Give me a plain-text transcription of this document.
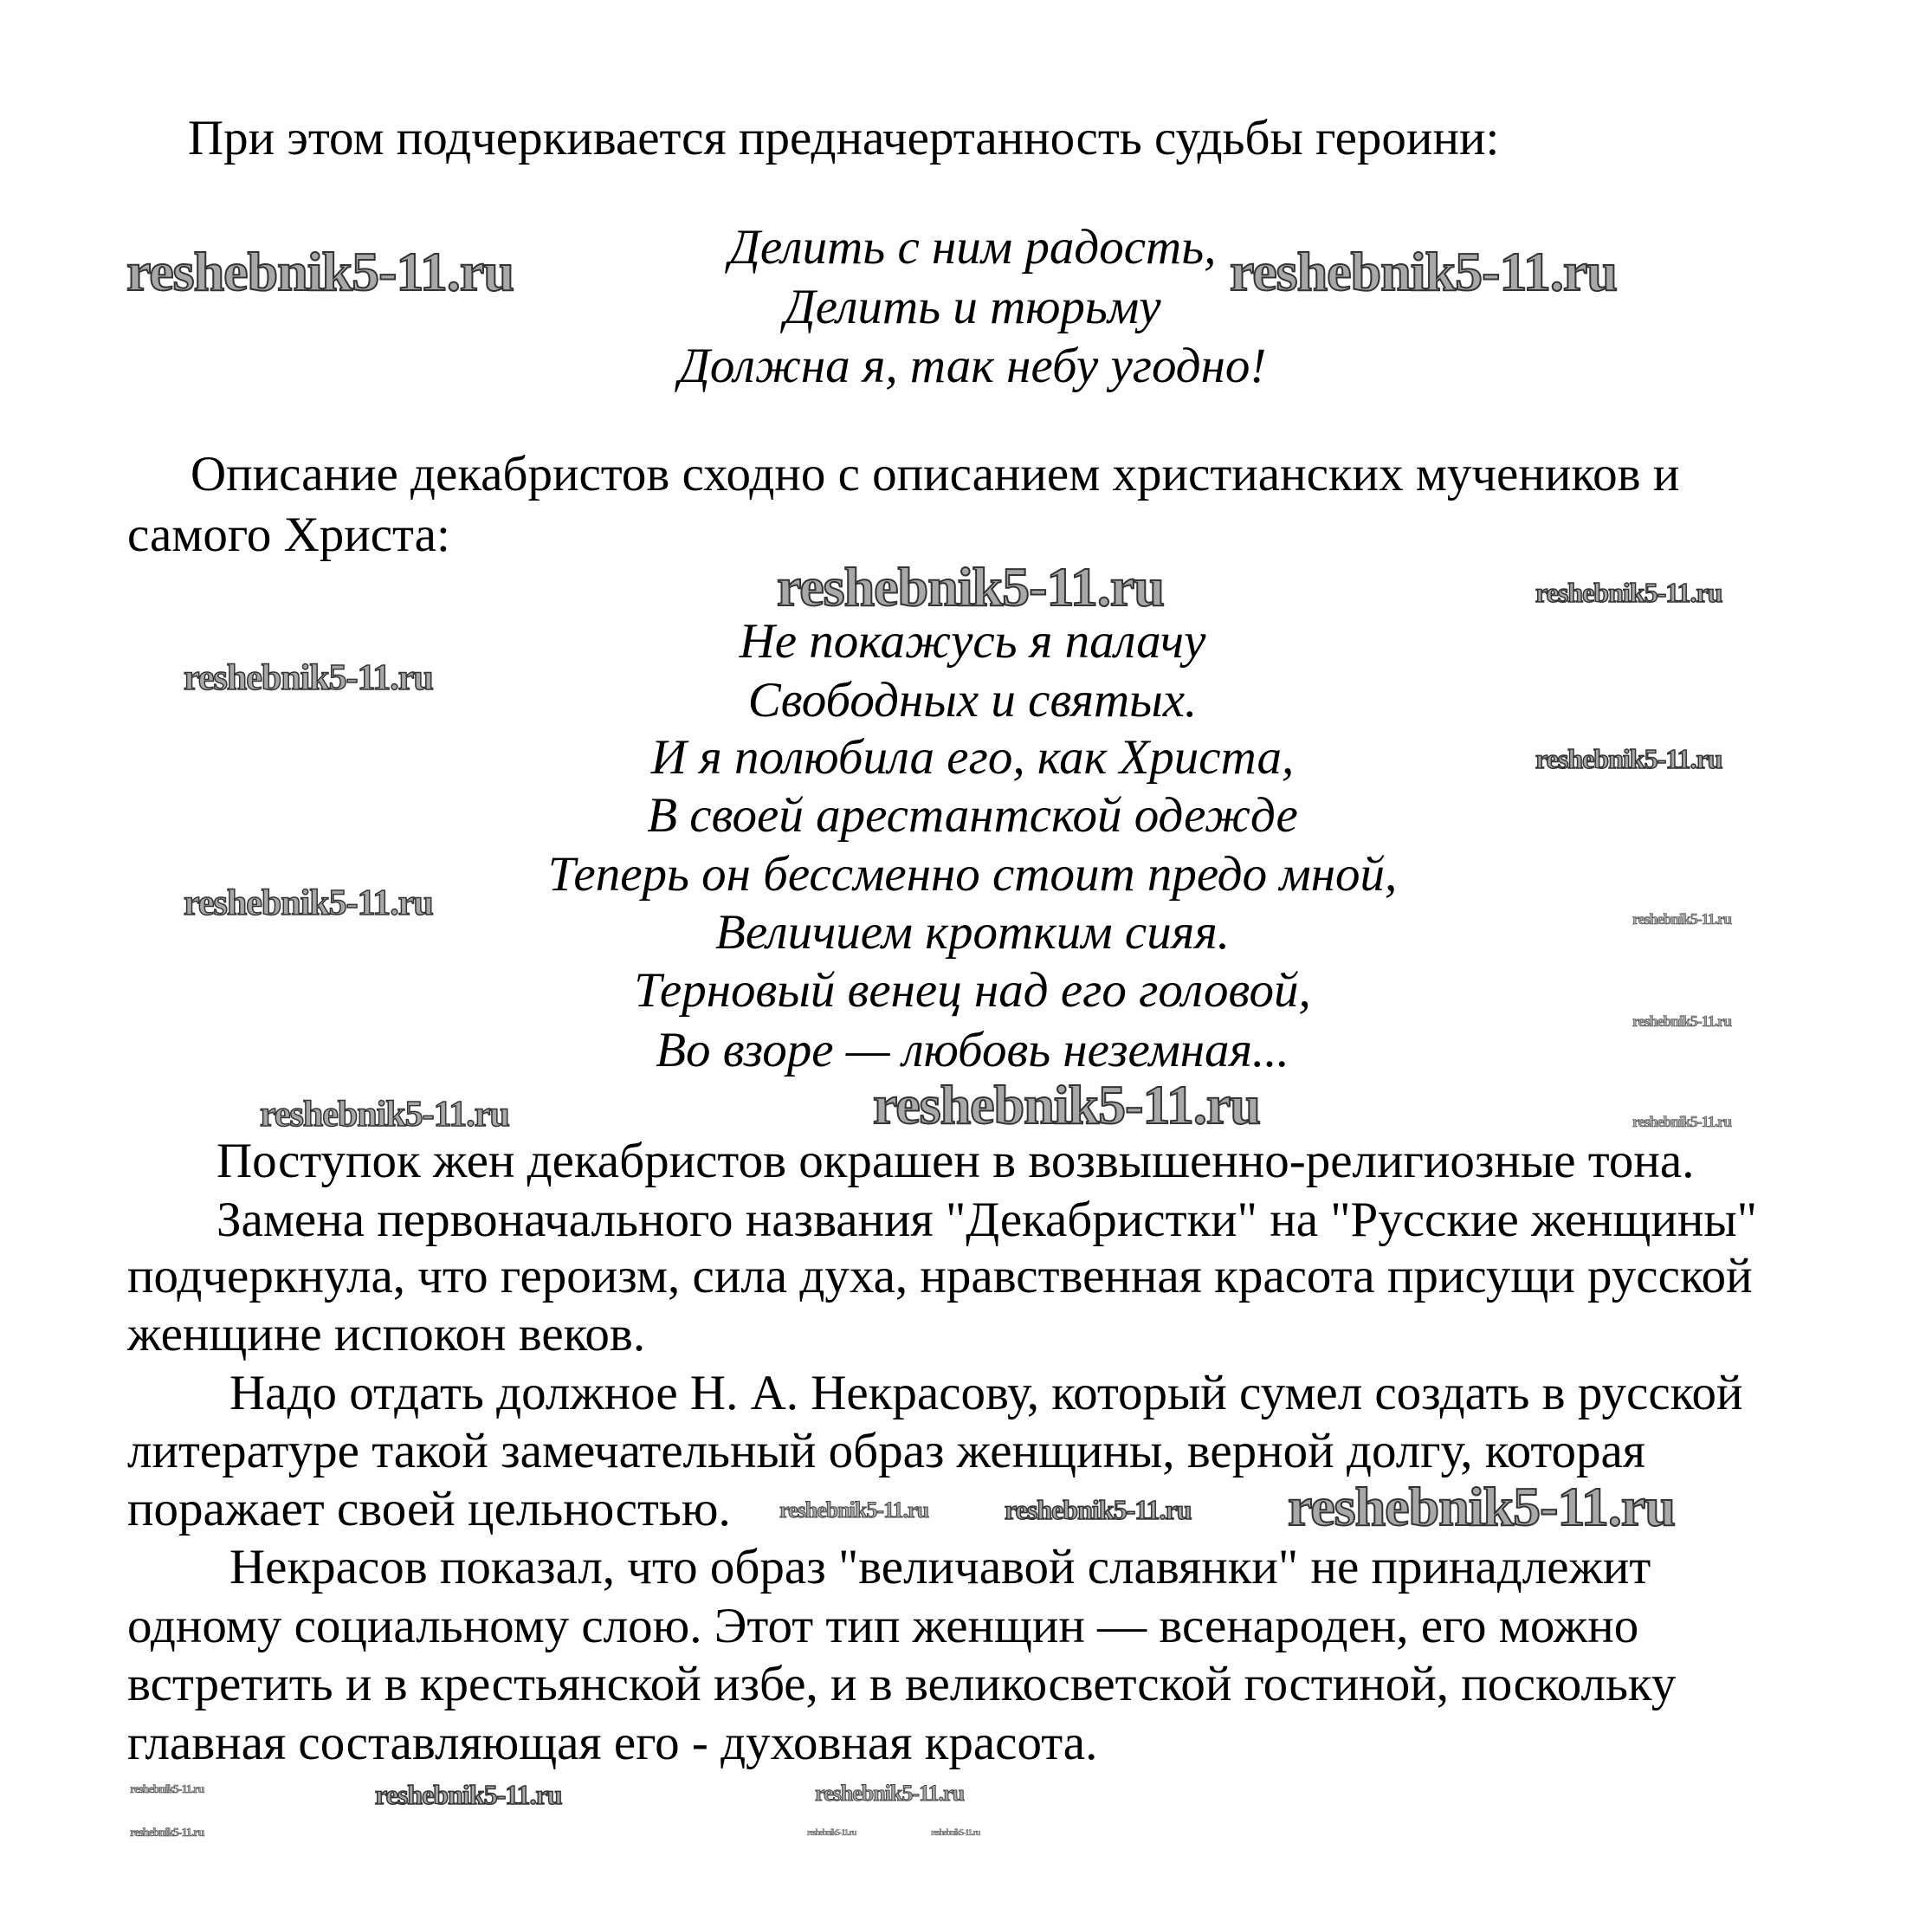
При этом подчеркивается предначертанность судьбы героини:
Делить с ним радость,
Делить и тюрьму
Должна я, так небу угодно!
Описание декабристов сходно с описанием христианских мучеников и
самого Христа:
Не покажусь я палачу
Свободных и святых.
И я полюбила его, как Христа,
В своей арестантской одежде
Теперь он бессменно стоит предо мной,
Величием кротким сияя.
Терновый венец над его головой,
Во взоре — любовь неземная...
Поступок жен декабристов окрашен в возвышенно-религиозные тона.
Замена первоначального названия "Декабристки" на "Русские женщины"
подчеркнула, что героизм, сила духа, нравственная красота присущи русской
женщине испокон веков.
Надо отдать должное Н. А. Некрасову, который сумел создать в русской
литературе такой замечательный образ женщины, верной долгу, которая
поражает своей цельностью.
Некрасов показал, что образ "величавой славянки" не принадлежит
одному социальному слою. Этот тип женщин — всенароден, его можно
встретить и в крестьянской избе, и в великосветской гостиной, поскольку
главная составляющая его - духовная красота.
reshebnik5-11.ru	reshebnik5-11.ru
reshebnik5-11.ru	reshebnik5-11.ru
reshebnik5-11.ru
reshebnik5-11.ru
reshebnik5-11.ru	reshebnik5-11.ru
reshebnik5-11.ru
reshebnik5-11.ru
reshebnik5-11.ru	reshebnik5-11.ru
reshebnik5-11.ru	reshebnik5-11.ru reshebnik5-11.ru
reshebnik5-11.ru	reshebnik5-11.ru	reshebnik5-11.ru
reshebnik5-11.ru	reshebnik5-11.ru	reshebnik5-11.ru
